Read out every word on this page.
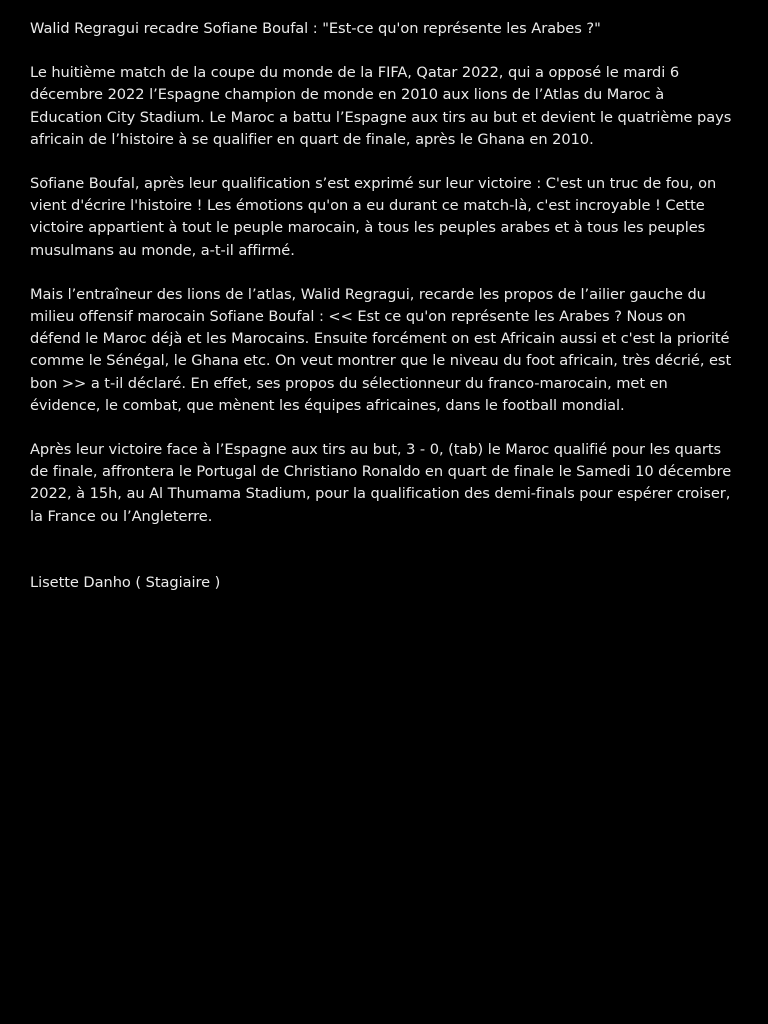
Walid Regragui recadre Sofiane Boufal : "Est-ce qu'on représente les Arabes ?"

Le huitième match de la coupe du monde de la FIFA, Qatar 2022, qui a opposé le mardi 6 décembre 2022 l’Espagne champion de monde en 2010 aux lions de l’Atlas du Maroc à Education City Stadium. Le Maroc a battu l’Espagne aux tirs au but et devient le quatrième pays africain de l’histoire à se qualifier en quart de finale, après le Ghana en 2010.

Sofiane Boufal, après leur qualification s’est exprimé sur leur victoire : C'est un truc de fou, on vient d'écrire l'histoire ! Les émotions qu'on a eu durant ce match-là, c'est incroyable ! Cette victoire appartient à tout le peuple marocain, à tous les peuples arabes et à tous les peuples musulmans au monde, a-t-il affirmé.

Mais l’entraîneur des lions de l’atlas, Walid Regragui, recarde les propos de l’ailier gauche du milieu offensif marocain Sofiane Boufal : << Est ce qu'on représente les Arabes ? Nous on défend le Maroc déjà et les Marocains. Ensuite forcément on est Africain aussi et c'est la priorité comme le Sénégal, le Ghana etc. On veut montrer que le niveau du foot africain, très décrié, est bon >> a t-il déclaré. En effet, ses propos du sélectionneur du franco-marocain, met en évidence, le combat, que mènent les équipes africaines, dans le football mondial.

Après leur victoire face à l’Espagne aux tirs au but, 3 - 0, (tab) le Maroc qualifié pour les quarts de finale, affrontera le Portugal de Christiano Ronaldo en quart de finale le Samedi 10 décembre 2022, à 15h, au Al Thumama Stadium, pour la qualification des demi-finals pour espérer croiser, la France ou l’Angleterre.

Lisette Danho ( Stagiaire )
